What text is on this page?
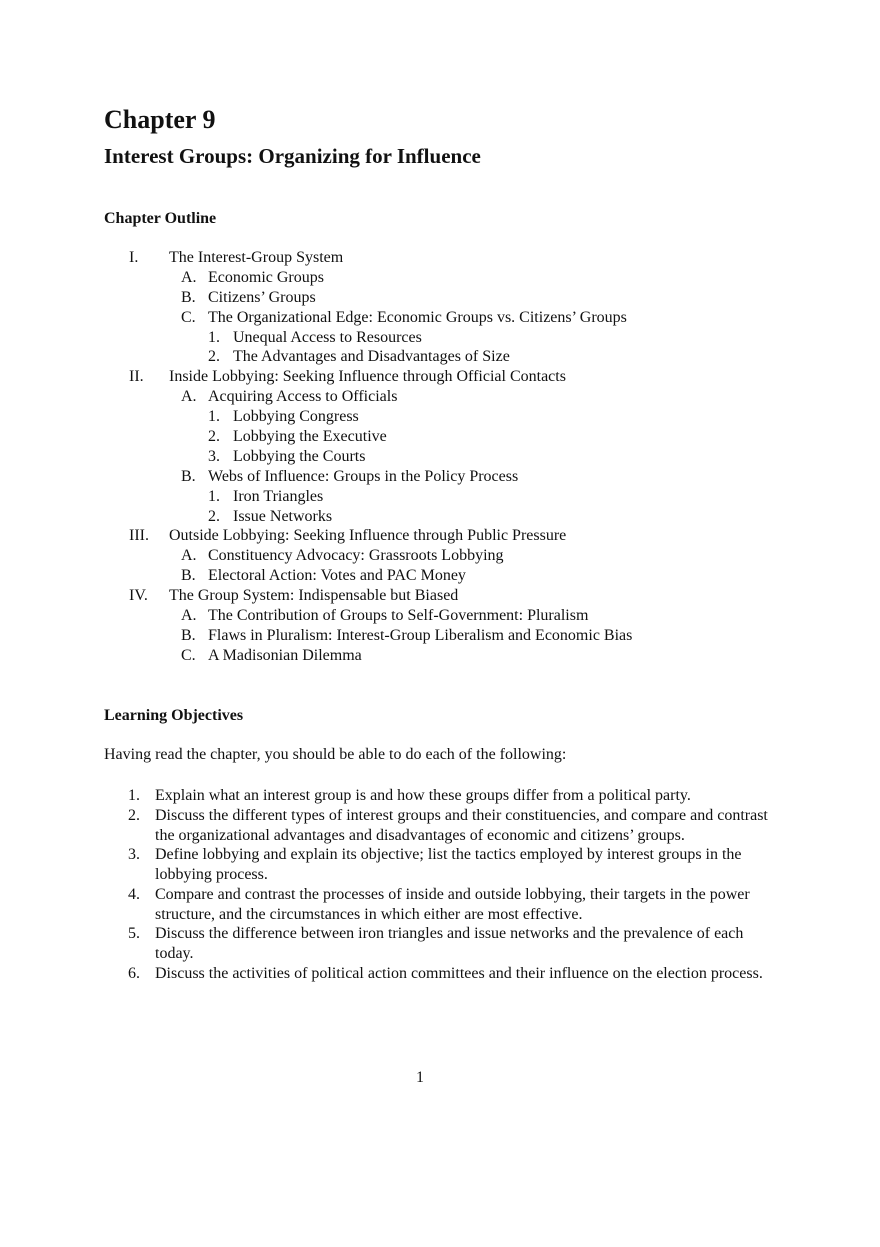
Chapter 9
Interest Groups: Organizing for Influence
Chapter Outline
I. The Interest-Group System
A. Economic Groups
B. Citizens’ Groups
C. The Organizational Edge: Economic Groups vs. Citizens’ Groups
1. Unequal Access to Resources
2. The Advantages and Disadvantages of Size
II. Inside Lobbying: Seeking Influence through Official Contacts
A. Acquiring Access to Officials
1. Lobbying Congress
2. Lobbying the Executive
3. Lobbying the Courts
B. Webs of Influence: Groups in the Policy Process
1. Iron Triangles
2. Issue Networks
III. Outside Lobbying: Seeking Influence through Public Pressure
A. Constituency Advocacy: Grassroots Lobbying
B. Electoral Action: Votes and PAC Money
IV. The Group System: Indispensable but Biased
A. The Contribution of Groups to Self-Government: Pluralism
B. Flaws in Pluralism: Interest-Group Liberalism and Economic Bias
C. A Madisonian Dilemma
Learning Objectives
Having read the chapter, you should be able to do each of the following:
1. Explain what an interest group is and how these groups differ from a political party.
2. Discuss the different types of interest groups and their constituencies, and compare and contrast the organizational advantages and disadvantages of economic and citizens’ groups.
3. Define lobbying and explain its objective; list the tactics employed by interest groups in the lobbying process.
4. Compare and contrast the processes of inside and outside lobbying, their targets in the power structure, and the circumstances in which either are most effective.
5. Discuss the difference between iron triangles and issue networks and the prevalence of each today.
6. Discuss the activities of political action committees and their influence on the election process.
1
